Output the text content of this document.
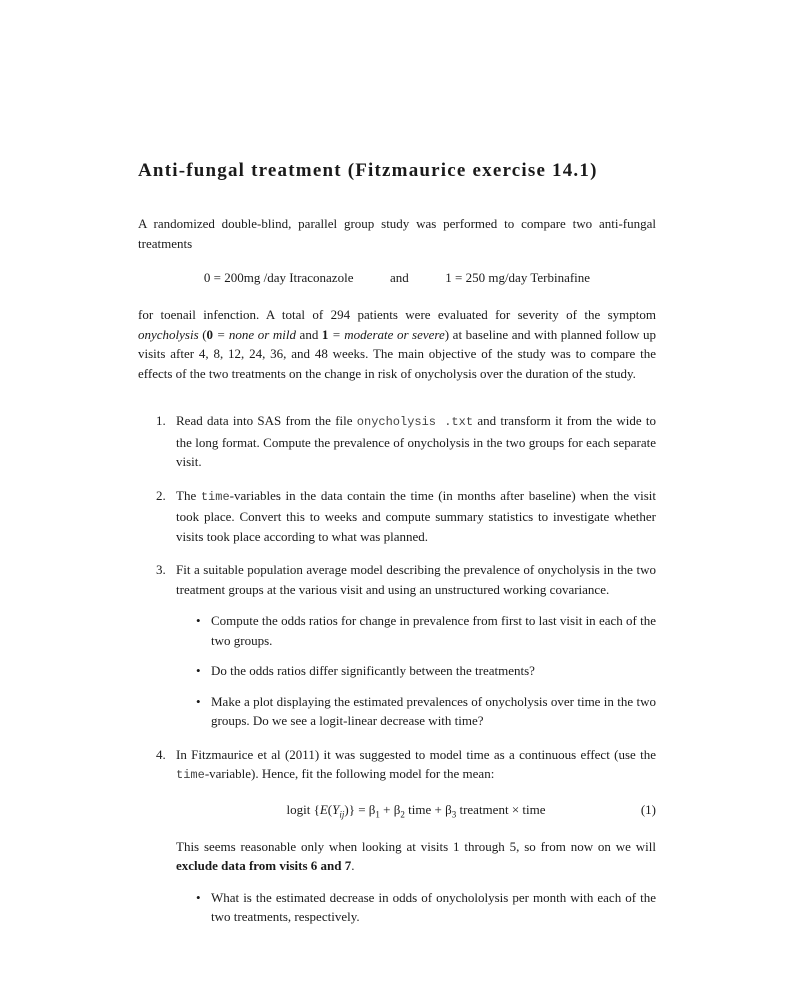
Anti-fungal treatment (Fitzmaurice exercise 14.1)

A randomized double-blind, parallel group study was performed to compare two anti-fungal treatments

0 = 200mg /day Itraconazole	and	1 = 250 mg/day Terbinafine

for toenail infenction. A total of 294 patients were evaluated for severity of the symptom onycholysis (0 = none or mild and 1 = moderate or severe) at baseline and with planned follow up visits after 4, 8, 12, 24, 36, and 48 weeks. The main objective of the study was to compare the effects of the two treatments on the change in risk of onycholysis over the duration of the study.

1. Read data into SAS from the file onycholysis .txt and transform it from the wide to the long format. Compute the prevalence of onycholysis in the two groups for each separate visit.
2. The time-variables in the data contain the time (in months after baseline) when the visit took place. Convert this to weeks and compute summary statistics to investigate whether visits took place according to what was planned.
3. Fit a suitable population average model describing the prevalence of onycholysis in the two treatment groups at the various visit and using an unstructured working covariance.
• Compute the odds ratios for change in prevalence from first to last visit in each of the two groups.
• Do the odds ratios differ significantly between the treatments?
• Make a plot displaying the estimated prevalences of onycholysis over time in the two groups. Do we see a logit-linear decrease with time?
4. In Fitzmaurice et al (2011) it was suggested to model time as a continuous effect (use the time-variable). Hence, fit the following model for the mean:
logit $\{E(Y_{ij})\} = \beta_1 + \beta_2$ time + $\beta_3$ treatment × time	(1)
This seems reasonable only when looking at visits 1 through 5, so from now on we will exclude data from visits 6 and 7.
• What is the estimated decrease in odds of onychololysis per month with each of the two treatments, respectively.
